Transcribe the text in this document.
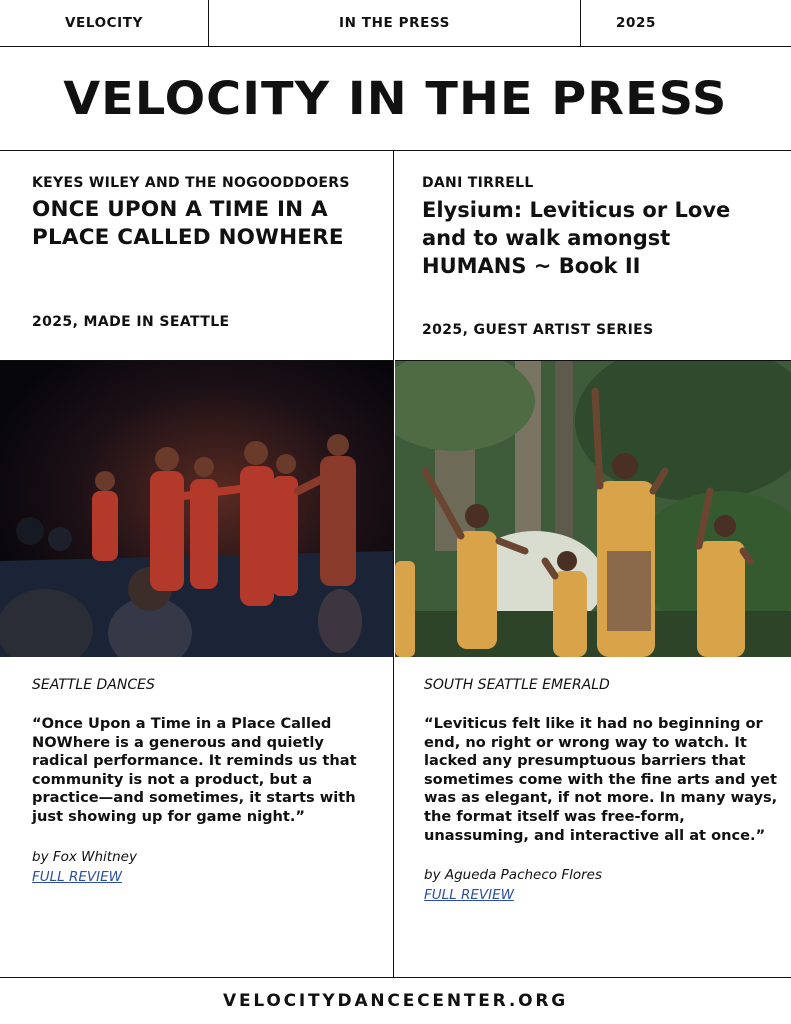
VELOCITY	IN THE PRESS	2025
VELOCITY IN THE PRESS
KEYES WILEY AND THE NOGOODDOERS
ONCE UPON A TIME IN A PLACE CALLED NOWHERE
2025, MADE IN SEATTLE
SEATTLE DANCES
“Once Upon a Time in a Place Called NOWhere is a generous and quietly radical performance. It reminds us that community is not a product, but a practice—and sometimes, it starts with just showing up for game night.”
by Fox Whitney
FULL REVIEW
DANI TIRRELL
Elysium: Leviticus or Love and to walk amongst HUMANS ~ Book II
2025, GUEST ARTIST SERIES
SOUTH SEATTLE EMERALD
“Leviticus felt like it had no beginning or end, no right or wrong way to watch. It lacked any presumptuous barriers that sometimes come with the fine arts and yet was as elegant, if not more. In many ways, the format itself was free-form, unassuming, and interactive all at once.”
by Agueda Pacheco Flores
FULL REVIEW
VELOCITYDANCECENTER.ORG
